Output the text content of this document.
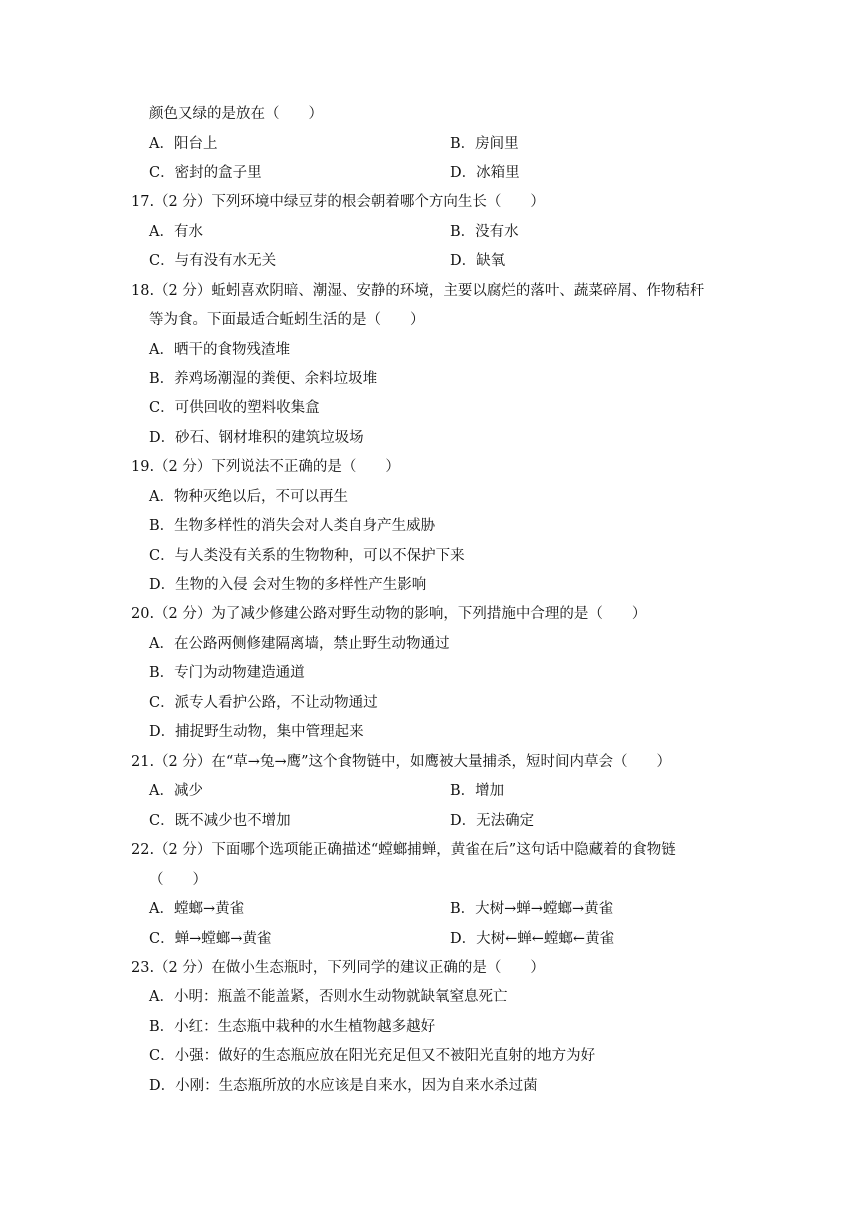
颜色又绿的是放在（　　）
A．阳台上	B．房间里
C．密封的盒子里	D．冰箱里
17.（2 分）下列环境中绿豆芽的根会朝着哪个方向生长（　　）
A．有水	B．没有水
C．与有没有水无关	D．缺氧
18.（2 分）蚯蚓喜欢阴暗、潮湿、安静的环境，主要以腐烂的落叶、蔬菜碎屑、作物秸秆
等为食。下面最适合蚯蚓生活的是（　　）
A．晒干的食物残渣堆
B．养鸡场潮湿的粪便、余料垃圾堆
C．可供回收的塑料收集盒
D．砂石、钢材堆积的建筑垃圾场
19.（2 分）下列说法不正确的是（　　）
A．物种灭绝以后，不可以再生
B．生物多样性的消失会对人类自身产生威胁
C．与人类没有关系的生物物种，可以不保护下来
D．生物的入侵 会对生物的多样性产生影响
20.（2 分）为了减少修建公路对野生动物的影响，下列措施中合理的是（　　）
A．在公路两侧修建隔离墙，禁止野生动物通过
B．专门为动物建造通道
C．派专人看护公路，不让动物通过
D．捕捉野生动物，集中管理起来
21.（2 分）在“草→兔→鹰”这个食物链中，如鹰被大量捕杀，短时间内草会（　　）
A．减少	B．增加
C．既不减少也不增加	D．无法确定
22.（2 分）下面哪个选项能正确描述“螳螂捕蝉，黄雀在后”这句话中隐藏着的食物链
（　　）
A．螳螂→黄雀	B．大树→蝉→螳螂→黄雀
C．蝉→螳螂→黄雀	D．大树←蝉←螳螂←黄雀
23.（2 分）在做小生态瓶时，下列同学的建议正确的是（　　）
A．小明：瓶盖不能盖紧，否则水生动物就缺氧窒息死亡
B．小红：生态瓶中栽种的水生植物越多越好
C．小强：做好的生态瓶应放在阳光充足但又不被阳光直射的地方为好
D．小刚：生态瓶所放的水应该是自来水，因为自来水杀过菌
